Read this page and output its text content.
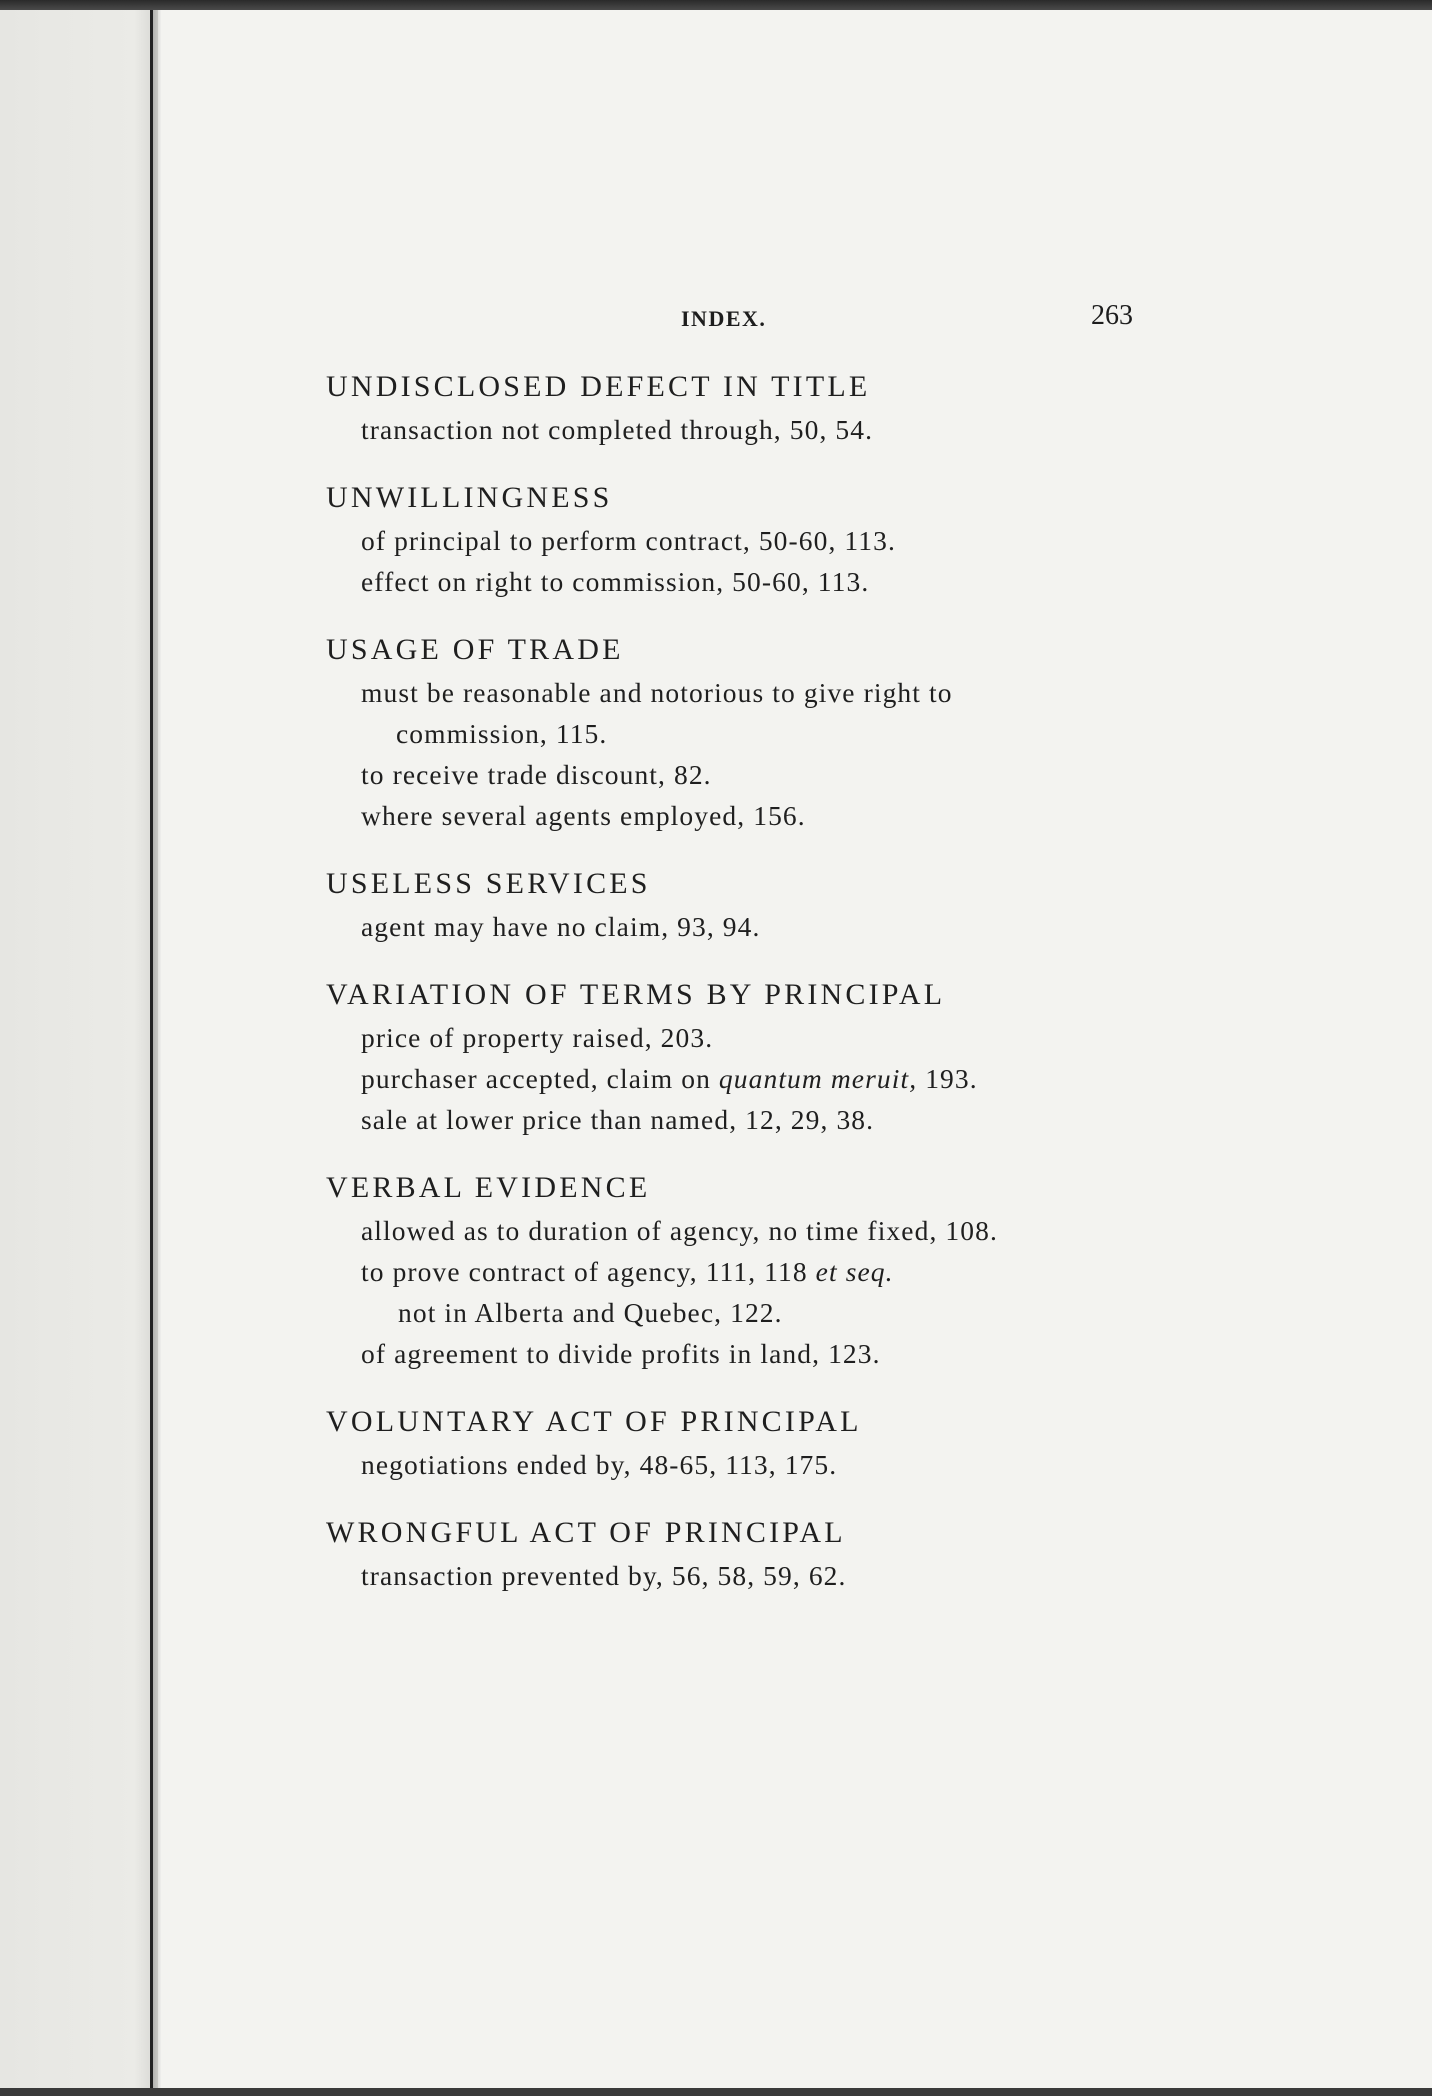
INDEX.	263
UNDISCLOSED DEFECT IN TITLE
transaction not completed through, 50, 54.
UNWILLINGNESS
of principal to perform contract, 50-60, 113.
effect on right to commission, 50-60, 113.
USAGE OF TRADE
must be reasonable and notorious to give right to
commission, 115.
to receive trade discount, 82.
where several agents employed, 156.
USELESS SERVICES
agent may have no claim, 93, 94.
VARIATION OF TERMS BY PRINCIPAL
price of property raised, 203.
purchaser accepted, claim on quantum meruit, 193.
sale at lower price than named, 12, 29, 38.
VERBAL EVIDENCE
allowed as to duration of agency, no time fixed, 108.
to prove contract of agency, 111, 118 et seq.
not in Alberta and Quebec, 122.
of agreement to divide profits in land, 123.
VOLUNTARY ACT OF PRINCIPAL
negotiations ended by, 48-65, 113, 175.
WRONGFUL ACT OF PRINCIPAL
transaction prevented by, 56, 58, 59, 62.
